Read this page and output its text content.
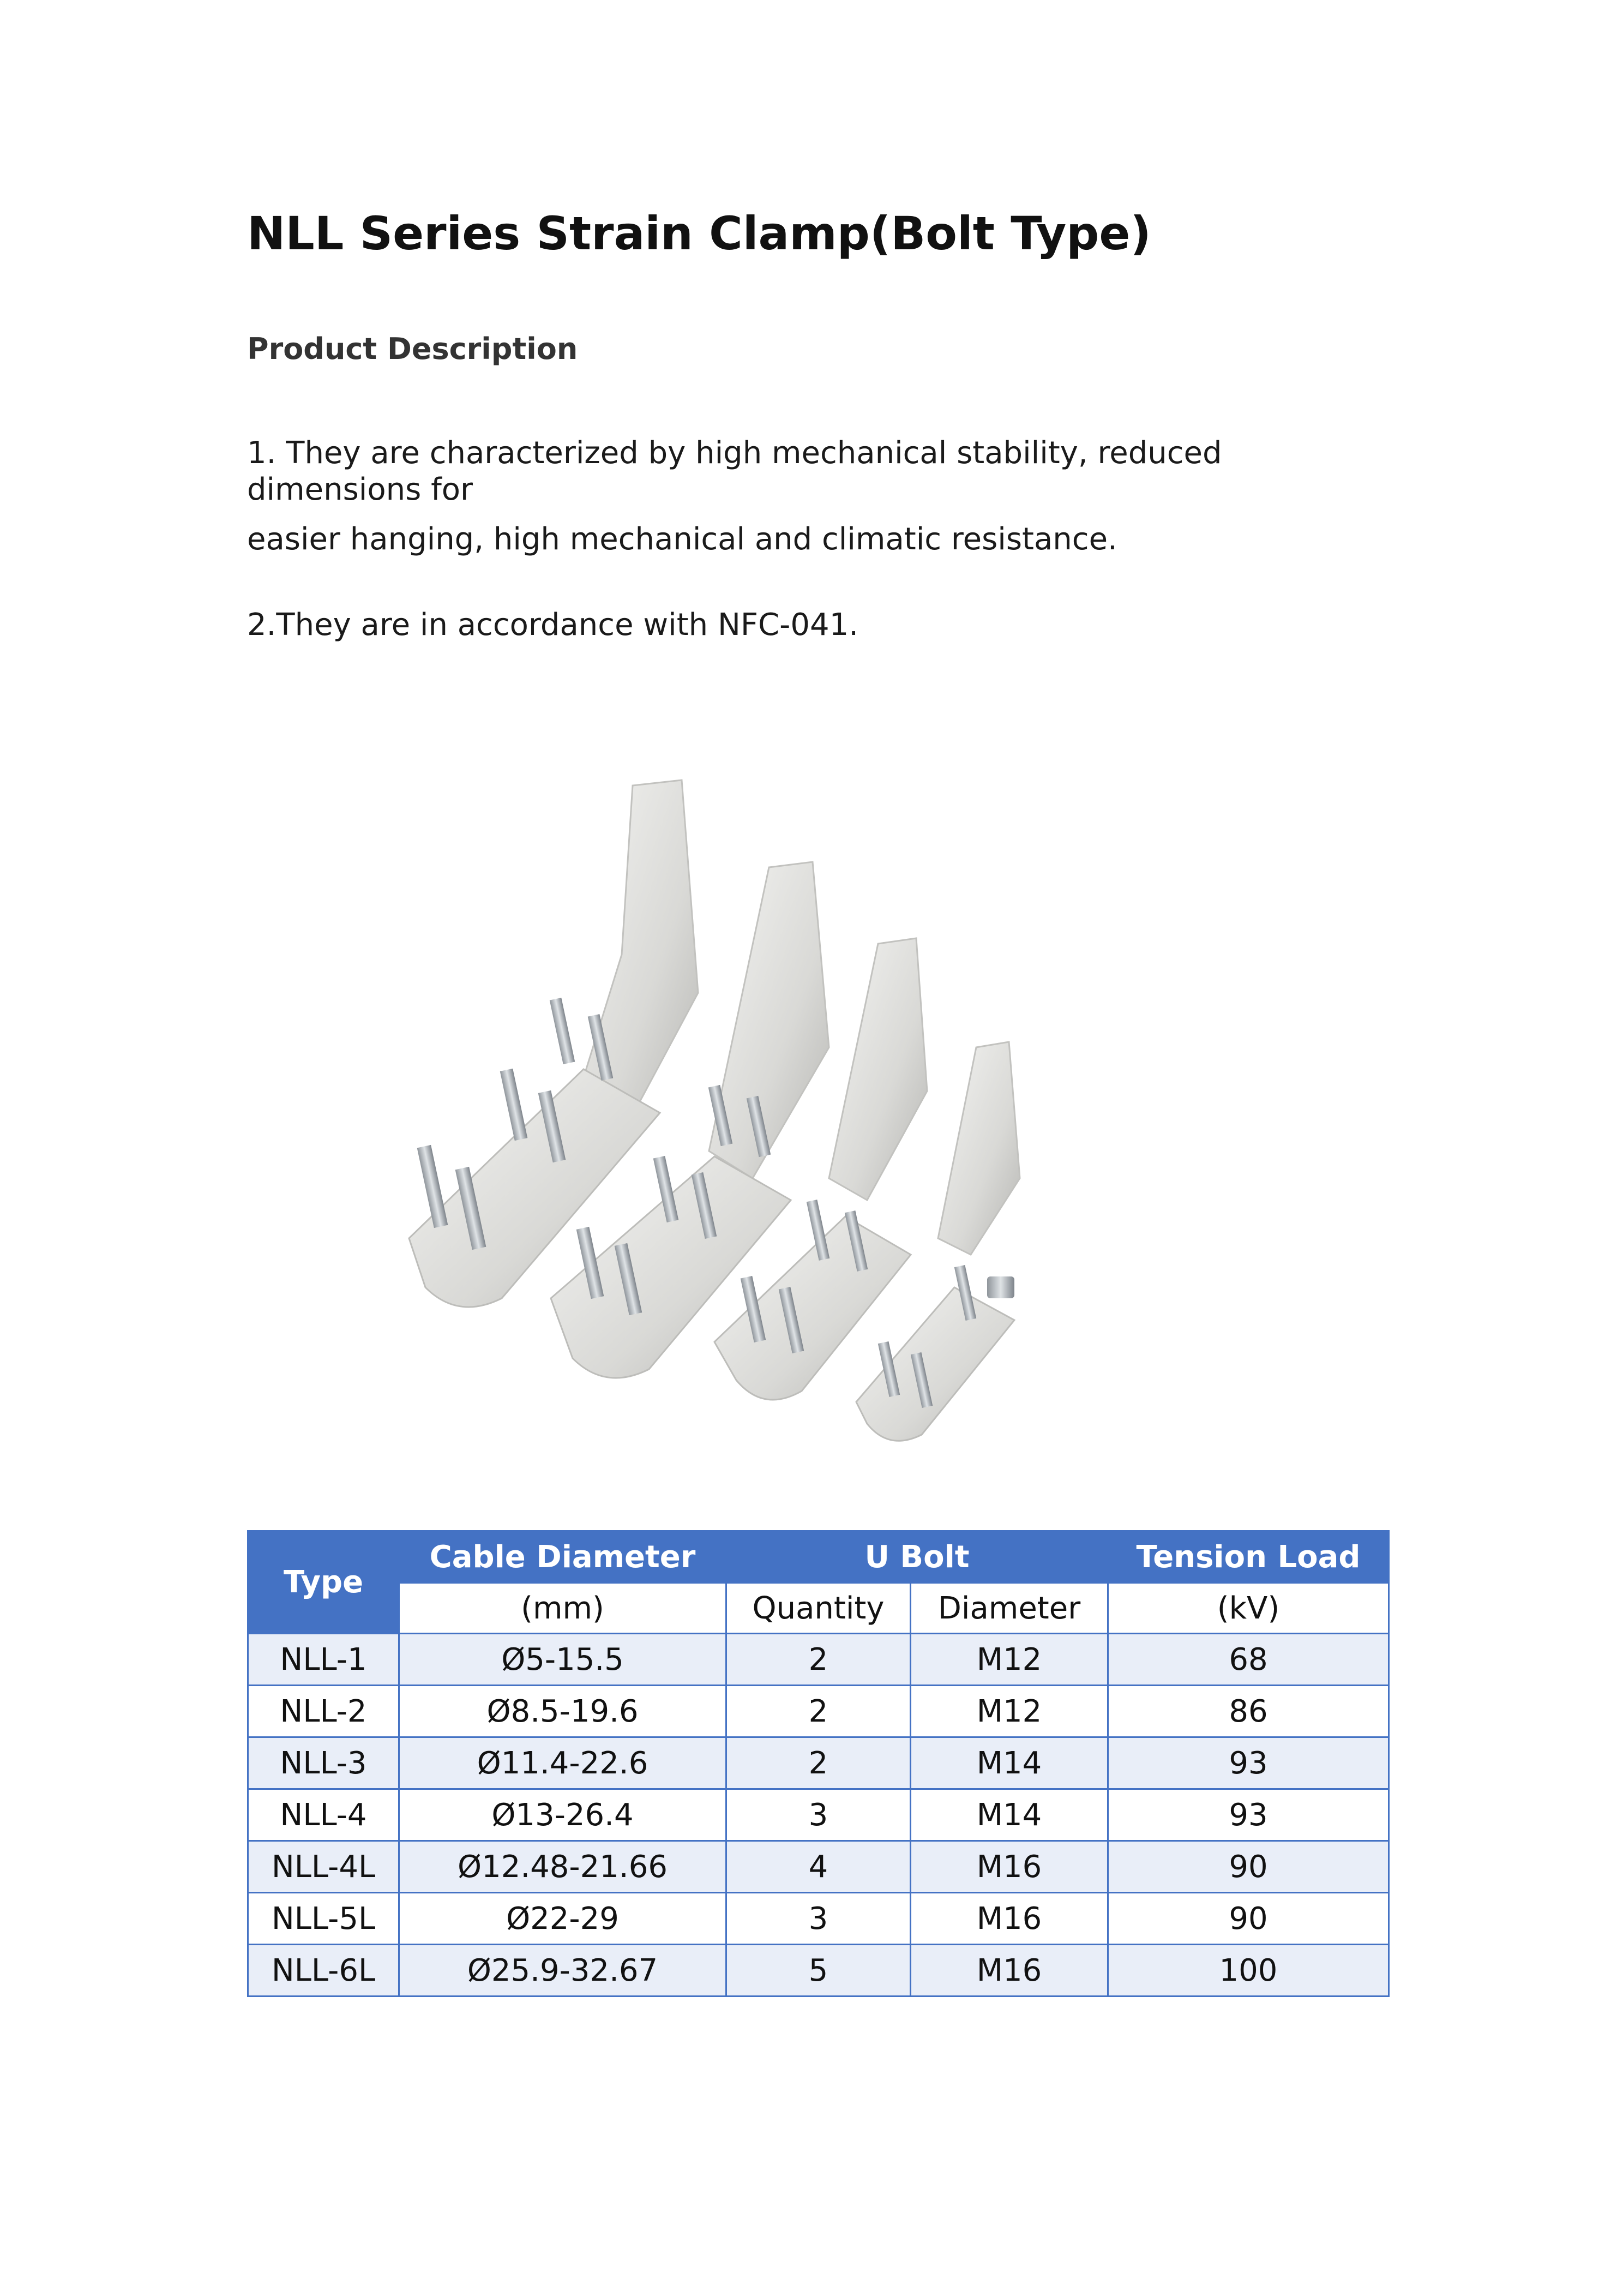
NLL Series Strain Clamp(Bolt Type)
Product Description

1. They are characterized by high mechanical stability, reduced dimensions for

easier hanging, high mechanical and climatic resistance.

2.They are in accordance with NFC-041.

Type	Cable Diameter	U Bolt		Tension Load
	(mm)	Quantity	Diameter	(kV)
NLL-1	Ø5-15.5	2	M12	68
NLL-2	Ø8.5-19.6	2	M12	86
NLL-3	Ø11.4-22.6	2	M14	93
NLL-4	Ø13-26.4	3	M14	93
NLL-4L	Ø12.48-21.66	4	M16	90
NLL-5L	Ø22-29	3	M16	90
NLL-6L	Ø25.9-32.67	5	M16	100
